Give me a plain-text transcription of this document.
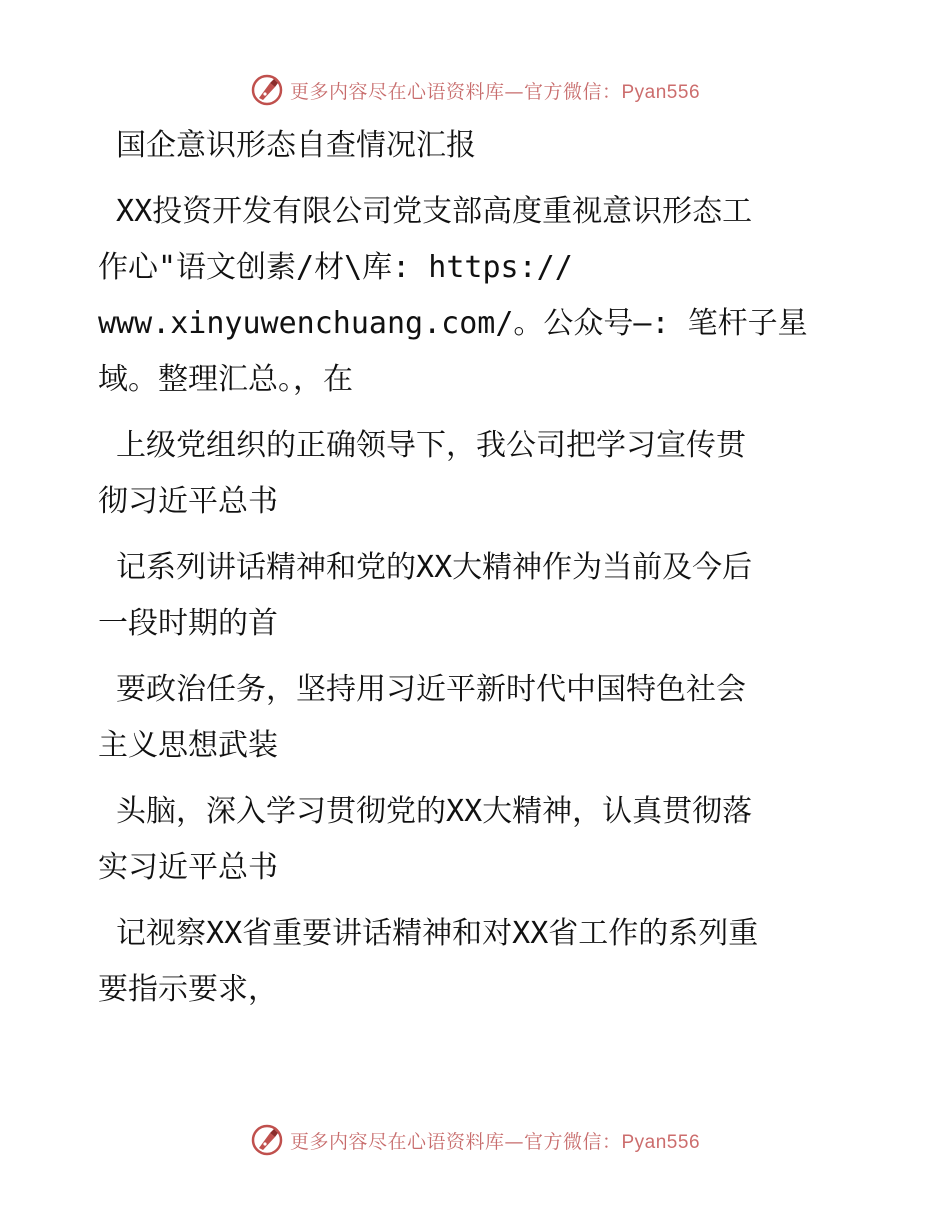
更多内容尽在心语资料库—官方微信：Pyan556
国企意识形态自查情况汇报
XX投资开发有限公司党支部高度重视意识形态工
作心"语文创素/材\库: https://
www.xinyuwenchuang.com/。公众号—: 笔杆子星
域。整理汇总。，在
上级党组织的正确领导下，我公司把学习宣传贯
彻习近平总书
记系列讲话精神和党的XX大精神作为当前及今后
一段时期的首
要政治任务，坚持用习近平新时代中国特色社会
主义思想武装
头脑，深入学习贯彻党的XX大精神，认真贯彻落
实习近平总书
记视察XX省重要讲话精神和对XX省工作的系列重
要指示要求，
更多内容尽在心语资料库—官方微信：Pyan556
